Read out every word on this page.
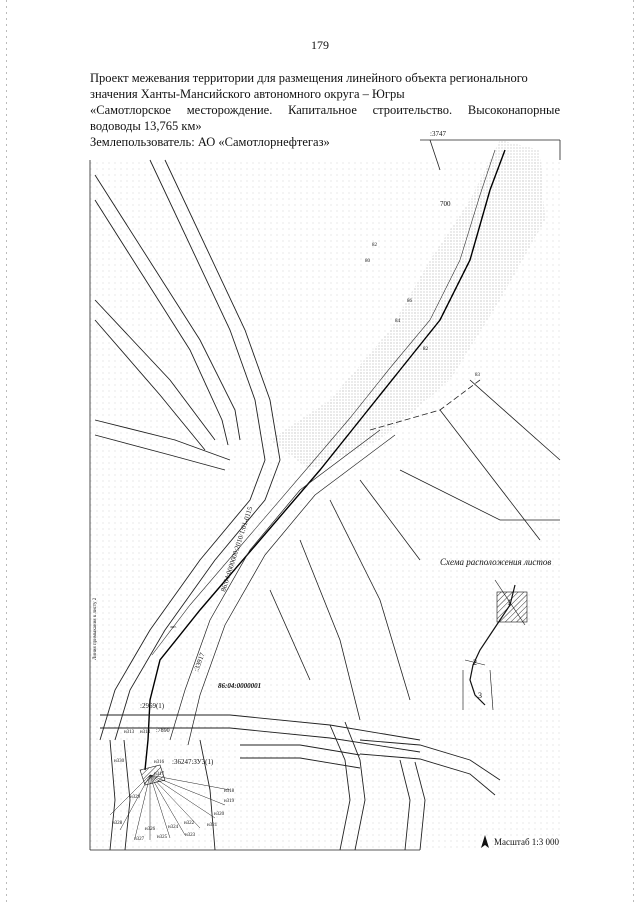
179
Проект межевания территории для размещения линейного объекта регионального
значения Ханты-Мансийского автономного округа – Югры
«Самотлорское месторождение. Капитальное строительство. Высоконапорные
водоводы 13,765 км»
Землепользователь: АО «Самотлорнефтегаз»
82
80
86
84
82
83
:3747
700
86:04:0000000:2010/1:01-0115
:33917
86:04:0000001
:2969(1)
:7890
:36247:ЗУ3(1)
Линия примыкания к листу 2	лит.
н313 н314
н330	н316
н317
н318
н319
н320
н321
н322
н323
н324
н325
н326
н327
н328
н329
Схема расположения листов
1
2
3
Масштаб 1:3 000
